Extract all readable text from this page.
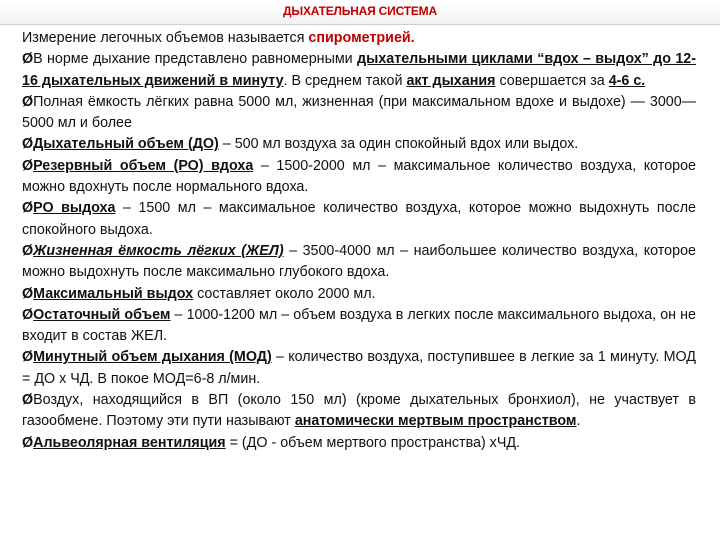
ДЫХАТЕЛЬНАЯ СИСТЕМА

Измерение легочных объемов называется спирометрией.

ØВ норме дыхание представлено равномерными дыхательными циклами “вдох – выдох” до 12-16 дыхательных движений в минуту. В среднем такой акт дыхания совершается за 4-6 с.

ØПолная ёмкость лёгких равна 5000 мл, жизненная (при максимальном вдохе и выдохе) — 3000—5000 мл и более

ØДыхательный объем (ДО) – 500 мл воздуха за один спокойный вдох или выдох.

ØРезервный объем (РО) вдоха – 1500-2000 мл – максимальное количество воздуха, которое можно вдохнуть после нормального вдоха.

ØРО выдоха – 1500 мл – максимальное количество воздуха, которое можно выдохнуть после спокойного выдоха.

ØЖизненная ёмкость лёгких (ЖЕЛ) – 3500-4000 мл – наибольшее количество воздуха, которое можно выдохнуть после максимально глубокого вдоха.

ØМаксимальный выдох составляет около 2000 мл.

ØОстаточный объем – 1000-1200 мл – объем воздуха в легких после максимального выдоха, он не входит в состав ЖЕЛ.

ØМинутный объем дыхания (МОД) – количество воздуха, поступившее в легкие за 1 минуту. МОД = ДО х ЧД. В покое МОД=6-8 л/мин.

ØВоздух, находящийся в ВП (около 150 мл) (кроме дыхательных бронхиол), не участвует в газообмене. Поэтому эти пути называют анатомически мертвым пространством.

ØАльвеолярная вентиляция = (ДО - объем мертвого пространства) хЧД.
